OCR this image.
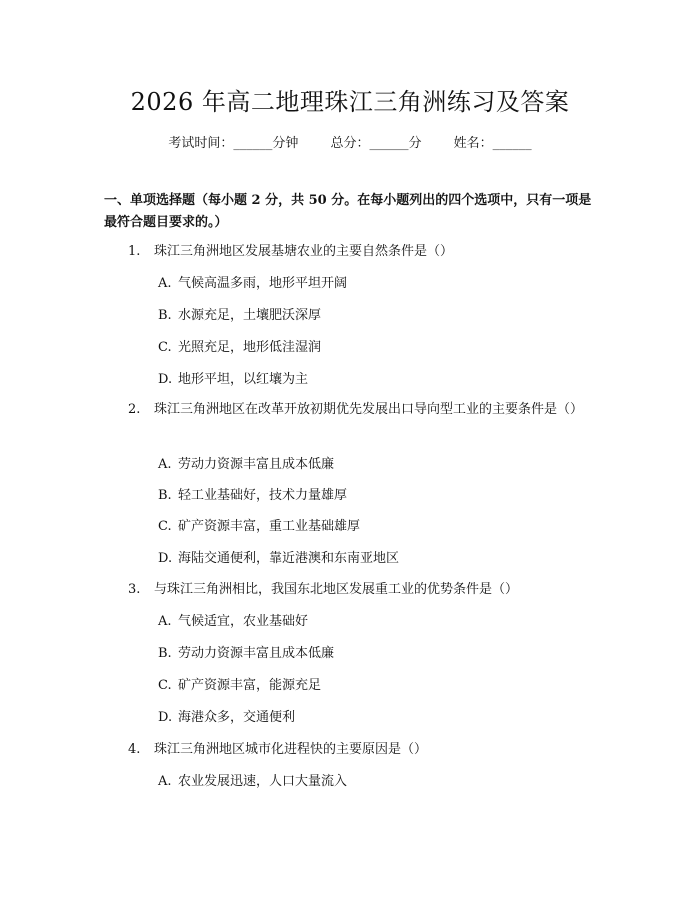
2026 年高二地理珠江三角洲练习及答案
考试时间：______分钟 总分：______分 姓名：______
一、单项选择题（每小题 2 分，共 50 分。在每小题列出的四个选项中，只有一项是最符合题目要求的。）
1. 珠江三角洲地区发展基塘农业的主要自然条件是（）
A. 气候高温多雨，地形平坦开阔
B. 水源充足，土壤肥沃深厚
C. 光照充足，地形低洼湿润
D. 地形平坦，以红壤为主
2. 珠江三角洲地区在改革开放初期优先发展出口导向型工业的主要条件是（）
A. 劳动力资源丰富且成本低廉
B. 轻工业基础好，技术力量雄厚
C. 矿产资源丰富，重工业基础雄厚
D. 海陆交通便利，靠近港澳和东南亚地区
3. 与珠江三角洲相比，我国东北地区发展重工业的优势条件是（）
A. 气候适宜，农业基础好
B. 劳动力资源丰富且成本低廉
C. 矿产资源丰富，能源充足
D. 海港众多，交通便利
4. 珠江三角洲地区城市化进程快的主要原因是（）
A. 农业发展迅速，人口大量流入
